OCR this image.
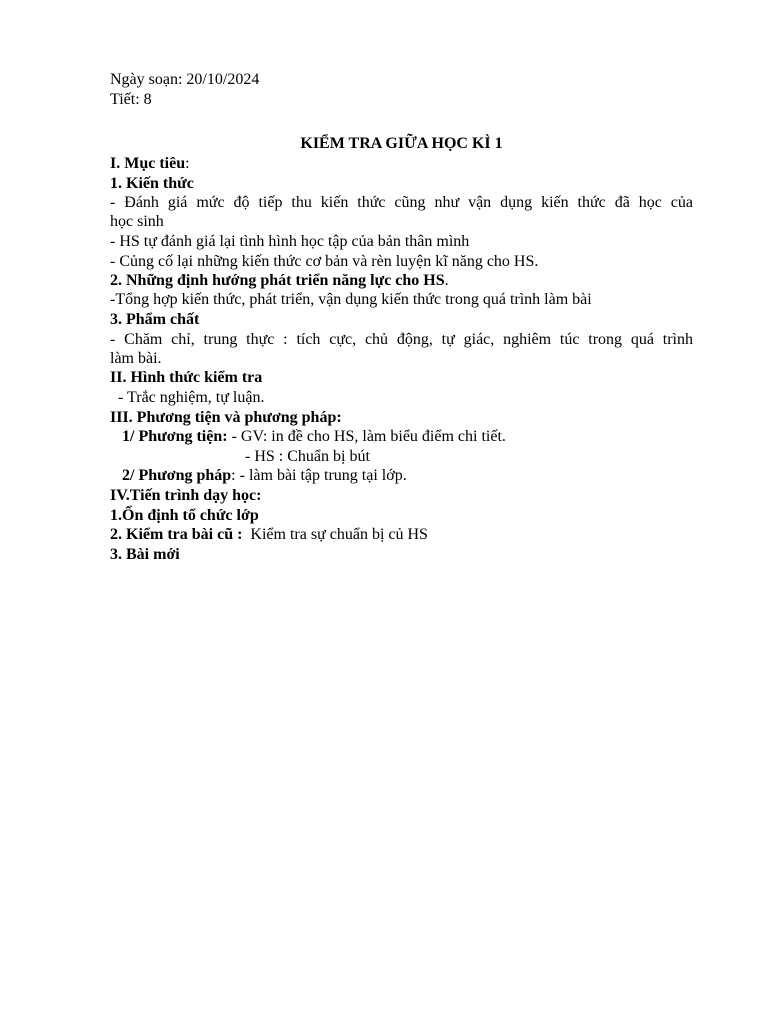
Ngày soạn: 20/10/2024
Tiết: 8
KIỂM TRA GIỮA HỌC KÌ 1
I. Mục tiêu:
1. Kiến thức
- Đánh giá mức độ tiếp thu kiến thức cũng như vận dụng kiến thức đã học của
học sinh
- HS tự đánh giá lại tình hình học tập của bản thân mình
- Củng cố lại những kiến thức cơ bản và rèn luyện kĩ năng cho HS.
2. Những định hướng phát triển năng lực cho HS.
-Tổng hợp kiến thức, phát triển, vận dụng kiến thức trong quá trình làm bài
3. Phẩm chất
- Chăm chỉ, trung thực : tích cực, chủ động, tự giác, nghiêm túc trong quá trình
làm bài.
II. Hình thức kiểm tra
- Trắc nghiệm, tự luận.
III. Phương tiện và phương pháp:
1/ Phương tiện: - GV: in đề cho HS, làm biểu điểm chi tiết.
- HS : Chuẩn bị bút
2/ Phương pháp: - làm bài tập trung tại lớp.
IV.Tiến trình dạy học:
1.Ổn định tổ chức lớp
2. Kiểm tra bài cũ :  Kiểm tra sự chuẩn bị củ HS
3. Bài mới
